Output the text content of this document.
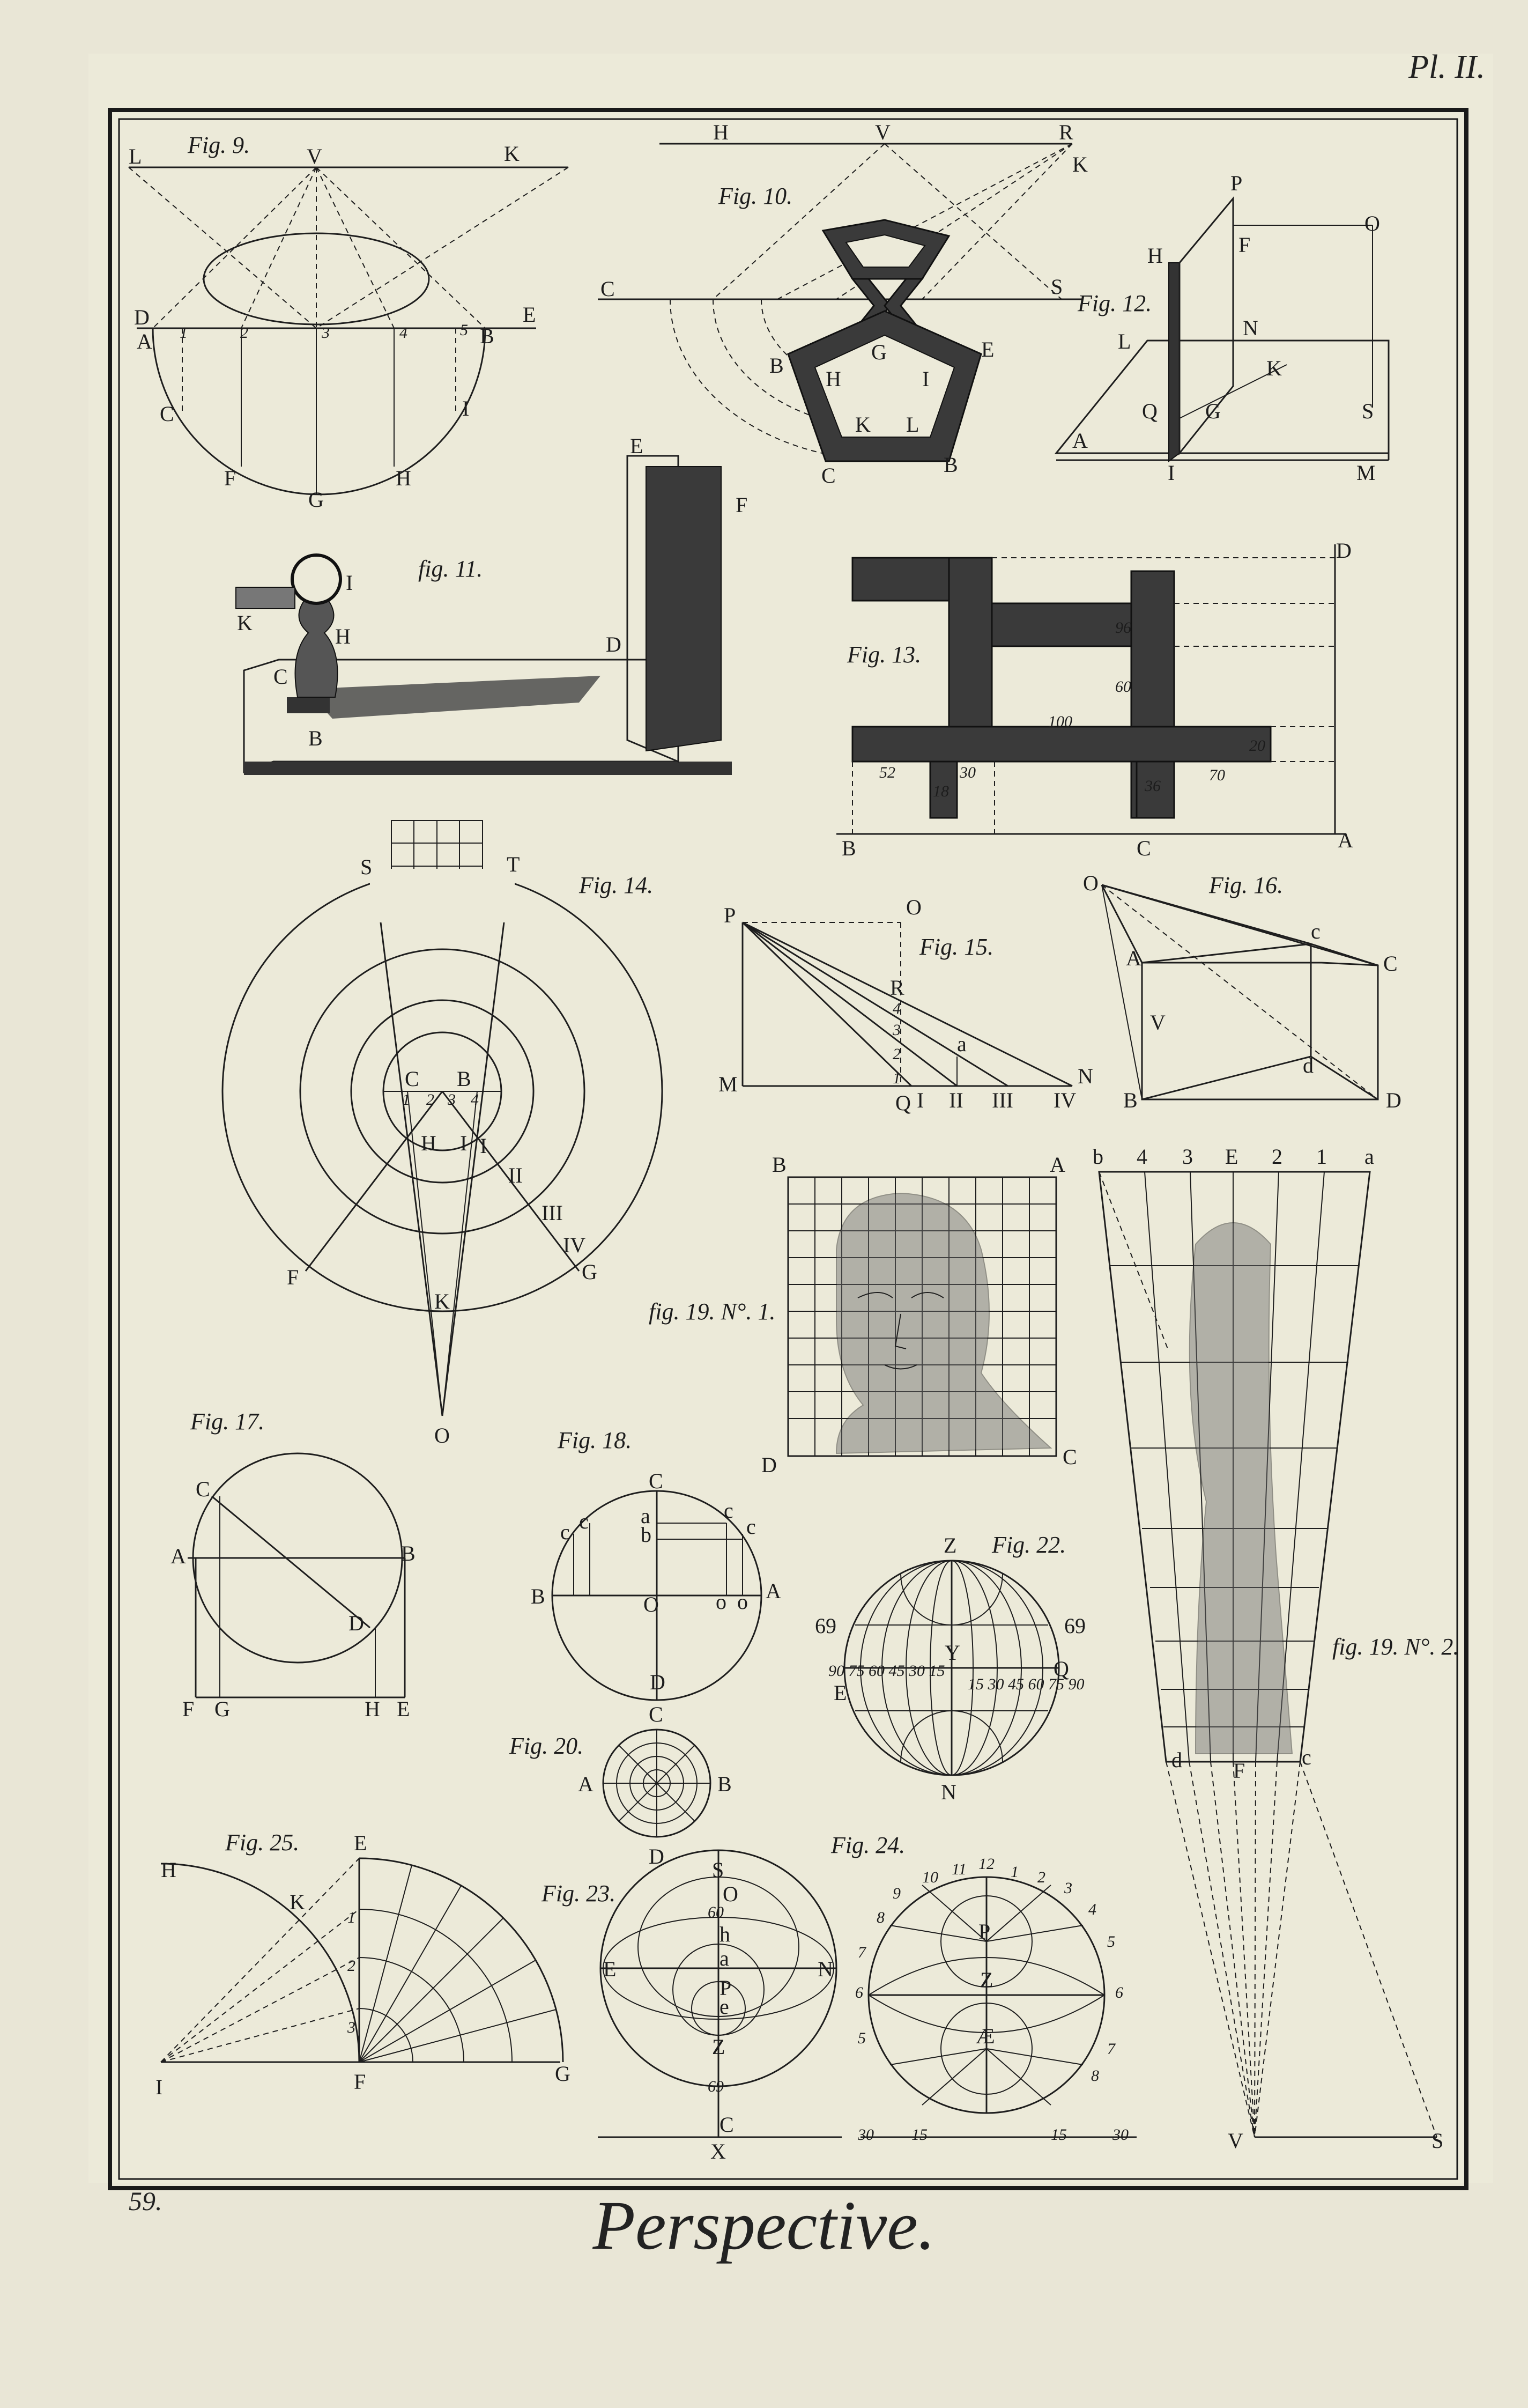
Fig. 9.
L	V	K
D	E
A	B
C	I
F
G
H
1	2	3	4	5
Fig. 10.
H	V	R
K
C	S
B
G	E
H	I
K L
C	B
Fig. 12.
P
O
H	F
L
N
K
Q G	S
A
I	M
fig. 11.
I
K
H
C
B
D
E
F
Fig. 13.
96
60
100
20
52	30
18	36
70
D
B	C	A
Fig. 14.
S	T
C B
1 2 3 4
H I I
II
III
IV
F	G
K
O
Fig. 15.
P	O
R
4
3
2
1
a
M
Q I II III IV
N
Fig. 16.
O
A	C
c
V
B	D
d
fig. 19. N°. 1.
B	A
D	C
fig. 19. N°. 2.
b 4 3 E 2 1 a
d F
c
V	S
Fig. 17.
C
A	B
D
F G	H E
Fig. 18.
C
c c	c
c
a
b
B	O	o o A
D
Fig. 20.
C
A	B
D
Fig. 22.
Z
69	69
Y
90 75 60 45 30 15
15 30 45 60 75 90
E
Q
N
Fig. 25.
H
E
K
1
2
3
I	F	G
Fig. 23.
S
O
60
h
a
P
e
Z
69
E	N
C
X
Fig. 24.
12
11
10
9
8
7
6
5
1 2
3
4
5
6
7
8
P
Z
Æ
30 15	15	30
Pl. II.
59.	Perspective.
